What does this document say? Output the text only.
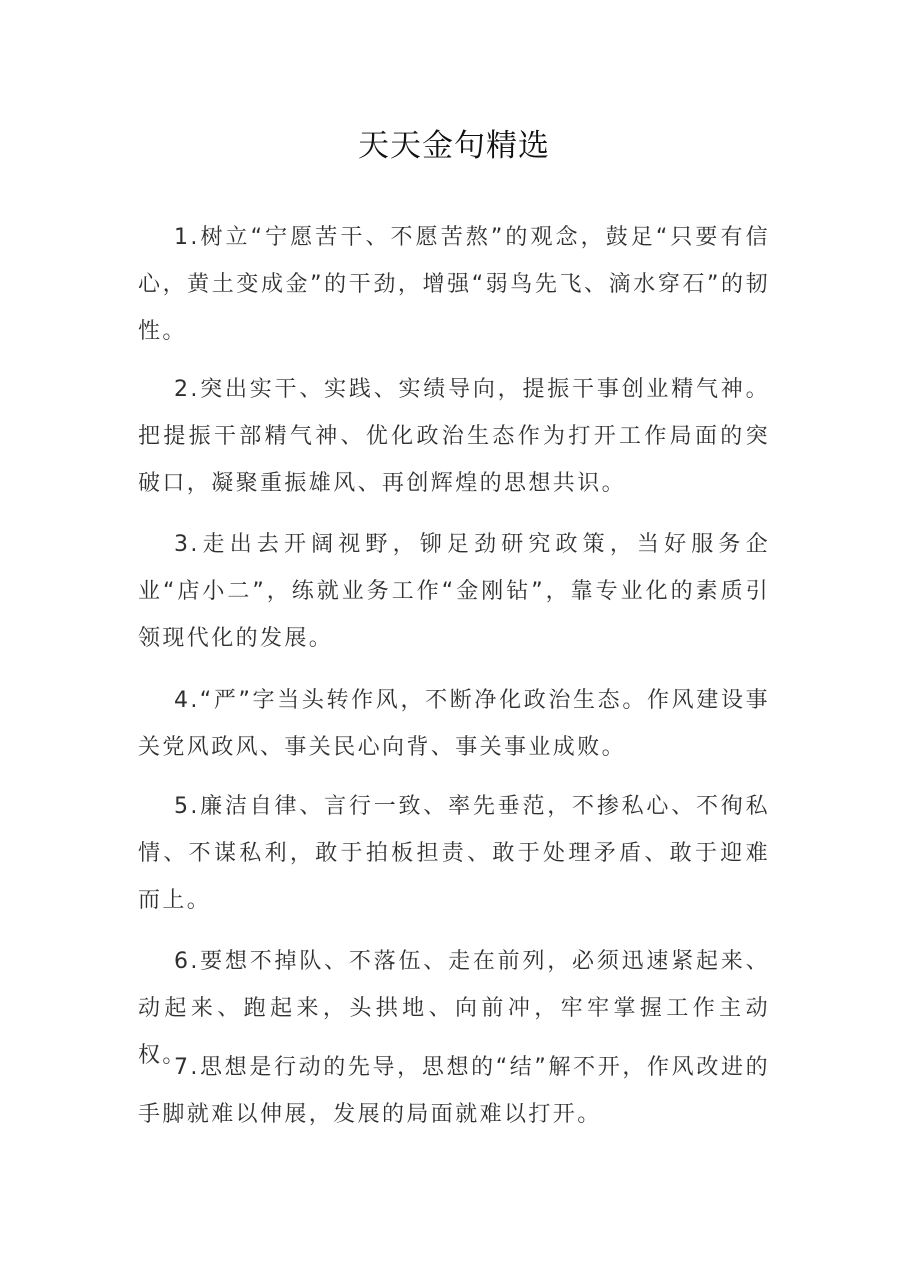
天天金句精选

1.树立“宁愿苦干、不愿苦熬”的观念，鼓足“只要有信心，黄土变成金”的干劲，增强“弱鸟先飞、滴水穿石”的韧性。

2.突出实干、实践、实绩导向，提振干事创业精气神。把提振干部精气神、优化政治生态作为打开工作局面的突破口，凝聚重振雄风、再创辉煌的思想共识。

3.走出去开阔视野，铆足劲研究政策，当好服务企业“店小二”，练就业务工作“金刚钻”，靠专业化的素质引领现代化的发展。

4.“严”字当头转作风，不断净化政治生态。作风建设事关党风政风、事关民心向背、事关事业成败。

5.廉洁自律、言行一致、率先垂范，不掺私心、不徇私情、不谋私利，敢于拍板担责、敢于处理矛盾、敢于迎难而上。

6.要想不掉队、不落伍、走在前列，必须迅速紧起来、动起来、跑起来，头拱地、向前冲，牢牢掌握工作主动权。

7.思想是行动的先导，思想的“结”解不开，作风改进的手脚就难以伸展，发展的局面就难以打开。
